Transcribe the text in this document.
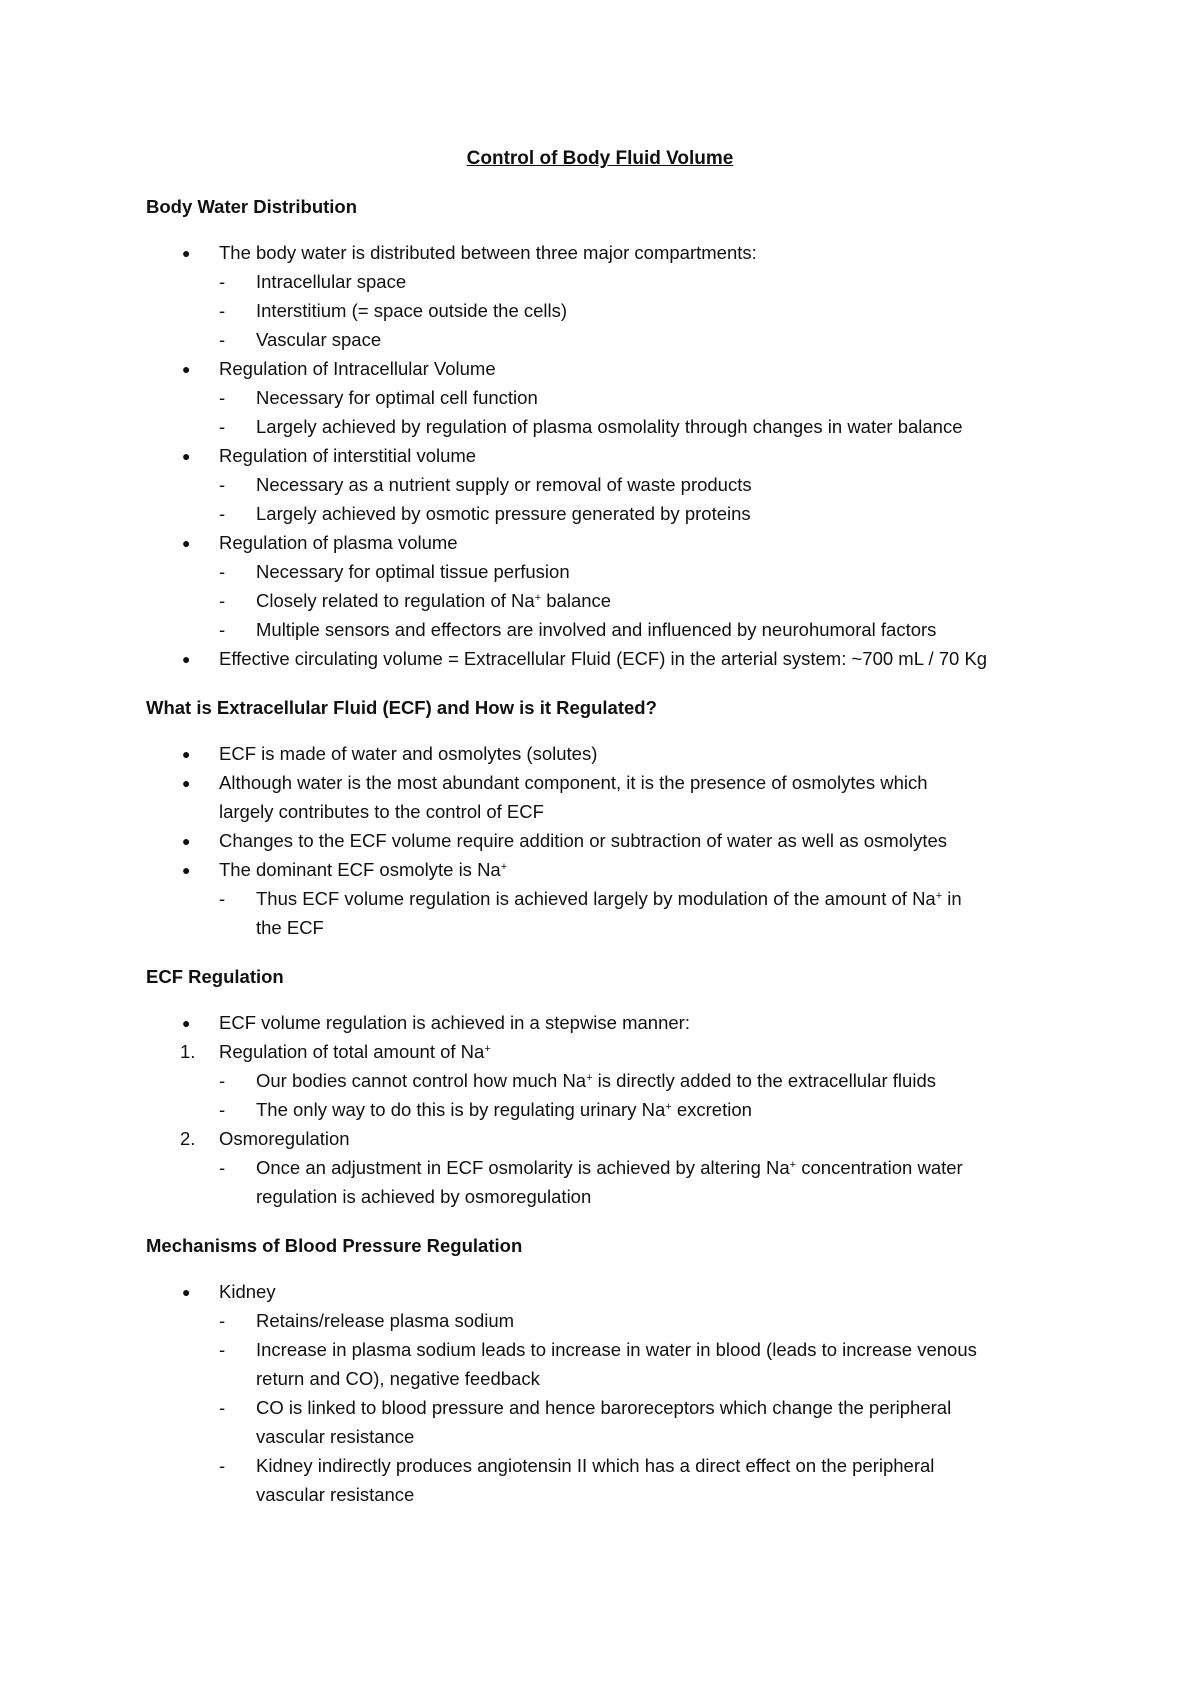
Control of Body Fluid Volume
Body Water Distribution
● The body water is distributed between three major compartments:
- Intracellular space
- Interstitium (= space outside the cells)
- Vascular space
● Regulation of Intracellular Volume
- Necessary for optimal cell function
- Largely achieved by regulation of plasma osmolality through changes in water balance
● Regulation of interstitial volume
- Necessary as a nutrient supply or removal of waste products
- Largely achieved by osmotic pressure generated by proteins
● Regulation of plasma volume
- Necessary for optimal tissue perfusion
- Closely related to regulation of Na+ balance
- Multiple sensors and effectors are involved and influenced by neurohumoral factors
● Effective circulating volume = Extracellular Fluid (ECF) in the arterial system: ~700 mL / 70 Kg
What is Extracellular Fluid (ECF) and How is it Regulated?
● ECF is made of water and osmolytes (solutes)
● Although water is the most abundant component, it is the presence of osmolytes which
largely contributes to the control of ECF
● Changes to the ECF volume require addition or subtraction of water as well as osmolytes
● The dominant ECF osmolyte is Na+
- Thus ECF volume regulation is achieved largely by modulation of the amount of Na+ in
the ECF
ECF Regulation
● ECF volume regulation is achieved in a stepwise manner:
1. Regulation of total amount of Na+
- Our bodies cannot control how much Na+ is directly added to the extracellular fluids
- The only way to do this is by regulating urinary Na+ excretion
2. Osmoregulation
- Once an adjustment in ECF osmolarity is achieved by altering Na+ concentration water
regulation is achieved by osmoregulation
Mechanisms of Blood Pressure Regulation
● Kidney
- Retains/release plasma sodium
- Increase in plasma sodium leads to increase in water in blood (leads to increase venous
return and CO), negative feedback
- CO is linked to blood pressure and hence baroreceptors which change the peripheral
vascular resistance
- Kidney indirectly produces angiotensin II which has a direct effect on the peripheral
vascular resistance
